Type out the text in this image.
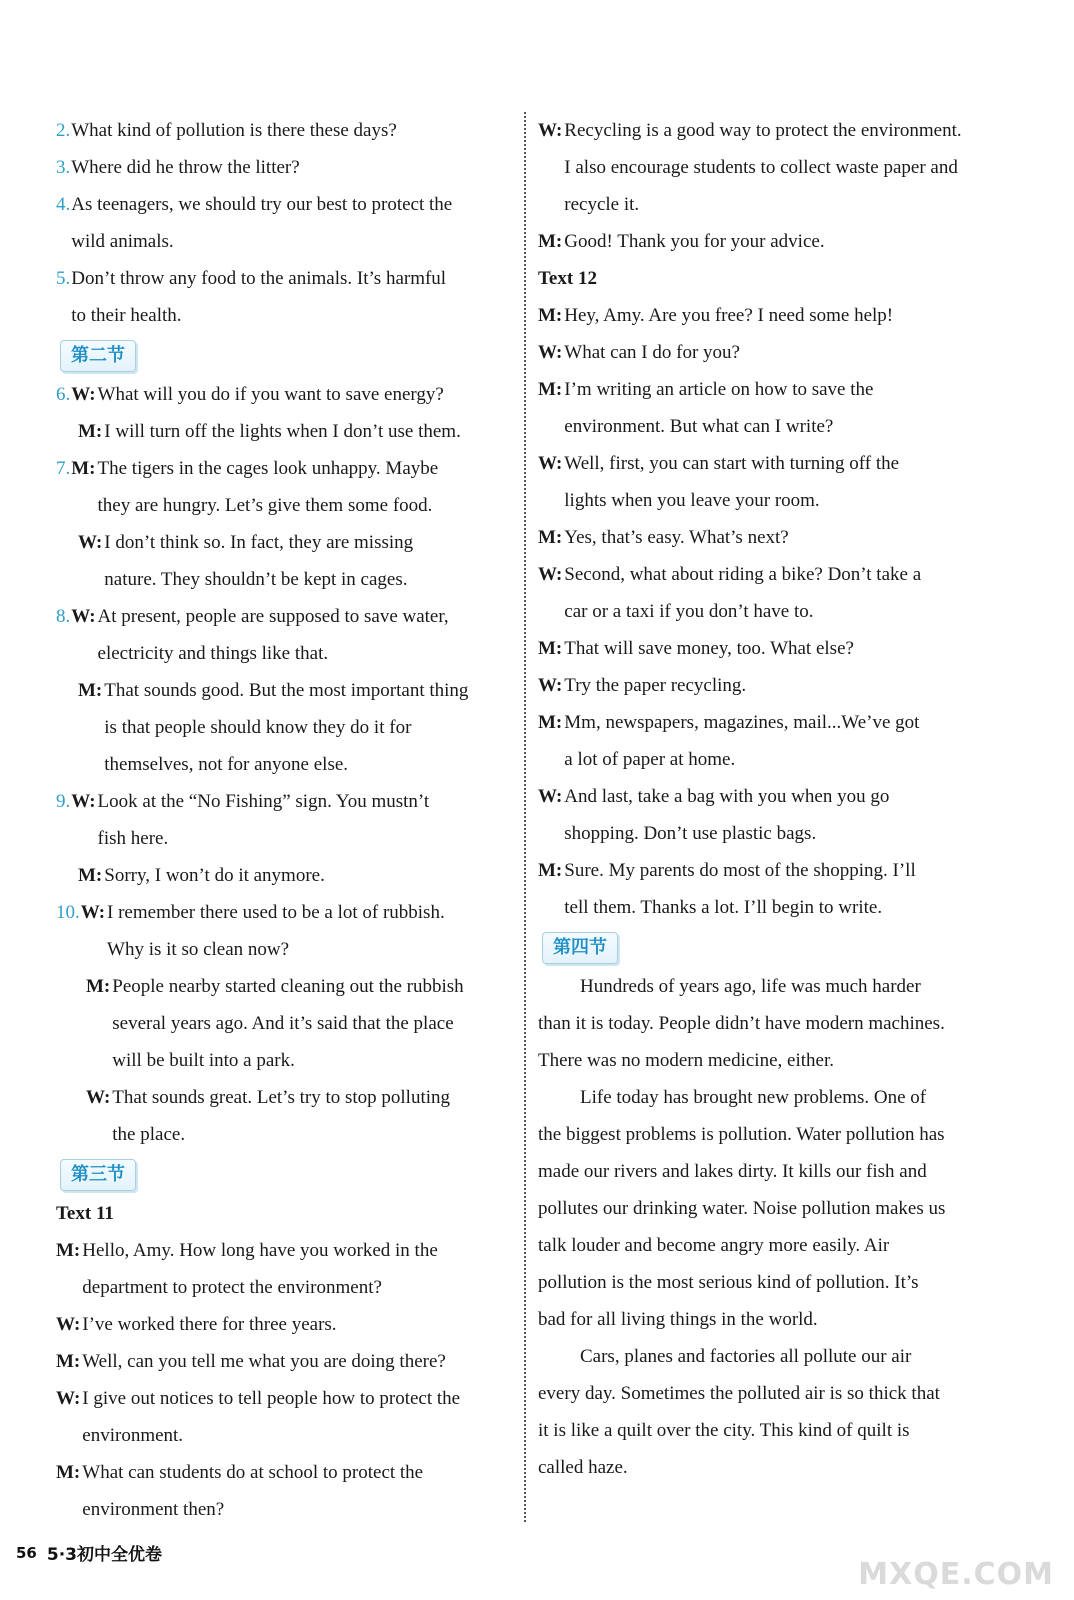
2. What kind of pollution is there these days?
3. Where did he throw the litter?
4. As teenagers, we should try our best to protect the
wild animals.
5. Don’t throw any food to the animals. It’s harmful
to their health.
第二节
6. W: What will you do if you want to save energy?
M: I will turn off the lights when I don’t use them.
7. M: The tigers in the cages look unhappy. Maybe
they are hungry. Let’s give them some food.
W: I don’t think so. In fact, they are missing
nature. They shouldn’t be kept in cages.
8. W: At present, people are supposed to save water,
electricity and things like that.
M: That sounds good. But the most important thing
is that people should know they do it for
themselves, not for anyone else.
9. W: Look at the “No Fishing” sign. You mustn’t
fish here.
M: Sorry, I won’t do it anymore.
10. W: I remember there used to be a lot of rubbish.
Why is it so clean now?
M: People nearby started cleaning out the rubbish
several years ago. And it’s said that the place
will be built into a park.
W: That sounds great. Let’s try to stop polluting
the place.
第三节
Text 11
M: Hello, Amy. How long have you worked in the
department to protect the environment?
W: I’ve worked there for three years.
M: Well, can you tell me what you are doing there?
W: I give out notices to tell people how to protect the
environment.
M: What can students do at school to protect the
environment then?
W: Recycling is a good way to protect the environment.
I also encourage students to collect waste paper and
recycle it.
M: Good! Thank you for your advice.
Text 12
M: Hey, Amy. Are you free? I need some help!
W: What can I do for you?
M: I’m writing an article on how to save the
environment. But what can I write?
W: Well, first, you can start with turning off the
lights when you leave your room.
M: Yes, that’s easy. What’s next?
W: Second, what about riding a bike? Don’t take a
car or a taxi if you don’t have to.
M: That will save money, too. What else?
W: Try the paper recycling.
M: Mm, newspapers, magazines, mail...We’ve got
a lot of paper at home.
W: And last, take a bag with you when you go
shopping. Don’t use plastic bags.
M: Sure. My parents do most of the shopping. I’ll
tell them. Thanks a lot. I’ll begin to write.
第四节
Hundreds of years ago, life was much harder
than it is today. People didn’t have modern machines.
There was no modern medicine, either.
Life today has brought new problems. One of
the biggest problems is pollution. Water pollution has
made our rivers and lakes dirty. It kills our fish and
pollutes our drinking water. Noise pollution makes us
talk louder and become angry more easily. Air
pollution is the most serious kind of pollution. It’s
bad for all living things in the world.
Cars, planes and factories all pollute our air
every day. Sometimes the polluted air is so thick that
it is like a quilt over the city. This kind of quilt is
called haze.
56 5·3初中全优卷
MXQE.COM
